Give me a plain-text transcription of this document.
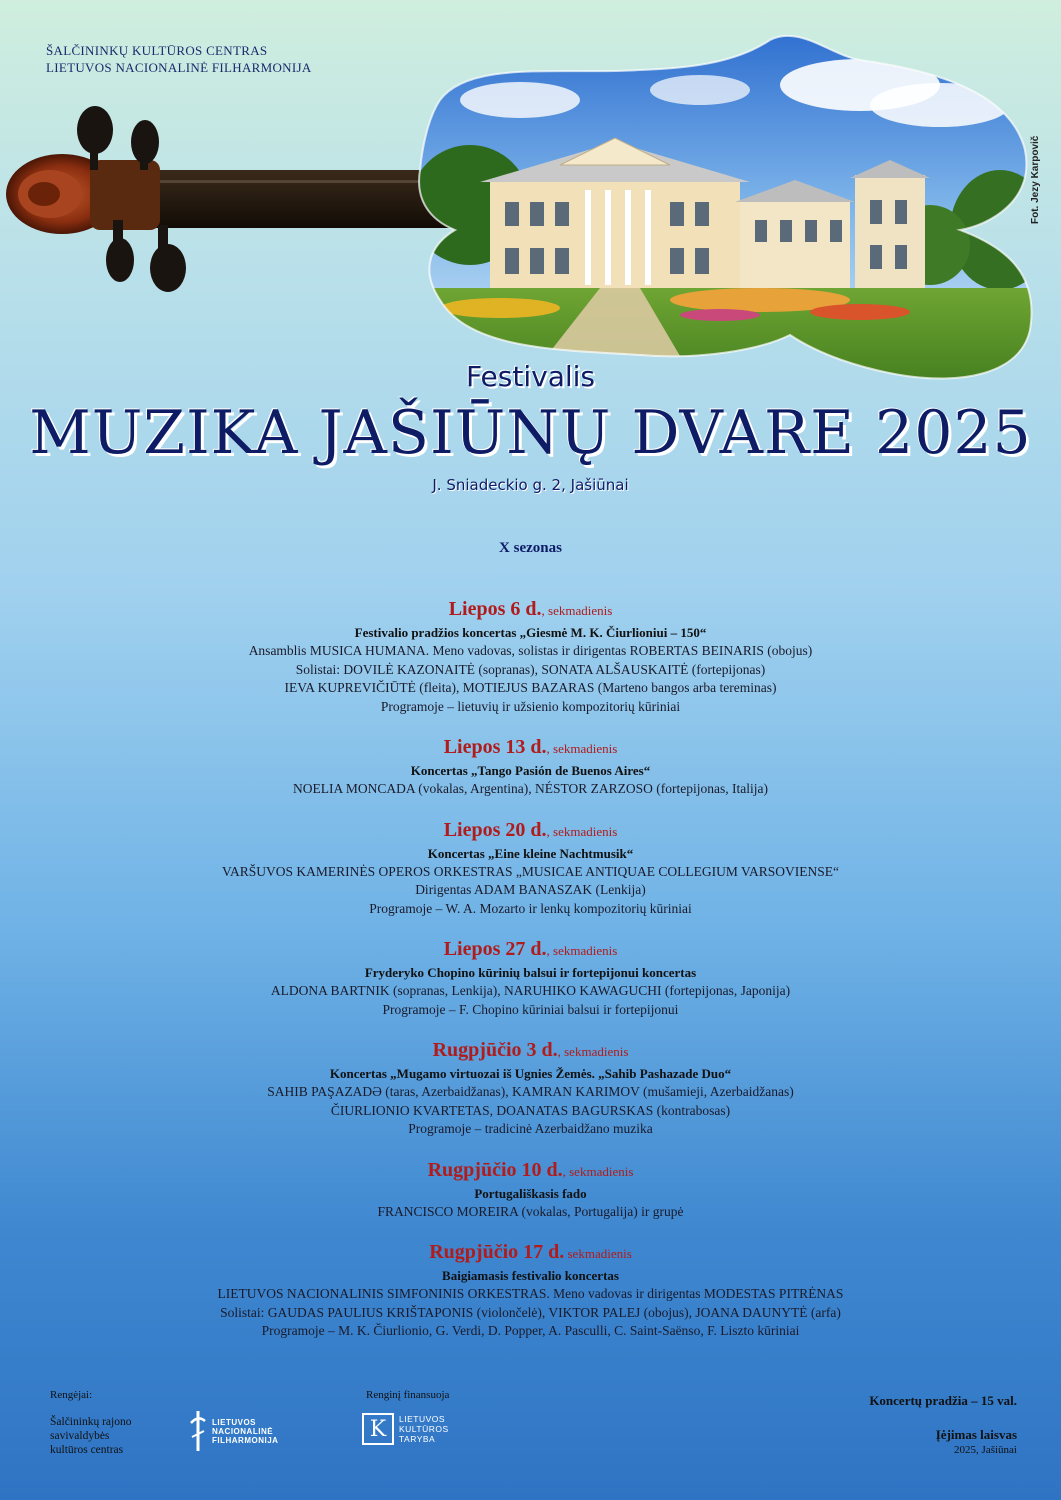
ŠALČININKŲ KULTŪROS CENTRAS
LIETUVOS NACIONALINĖ FILHARMONIJA
Fot. Jezy Karpovič
Festivalis
MUZIKA JAŠIŪNŲ DVARE 2025
J. Sniadeckio g. 2, Jašiūnai
X sezonas
Liepos 6 d., sekmadienis
Festivalio pradžios koncertas „Giesmė M. K. Čiurlioniui – 150“
Ansamblis MUSICA HUMANA. Meno vadovas, solistas ir dirigentas ROBERTAS BEINARIS (obojus)
Solistai: DOVILĖ KAZONAITĖ (sopranas), SONATA ALŠAUSKAITĖ (fortepijonas)
IEVA KUPREVIČIŪTĖ (fleita), MOTIEJUS BAZARAS (Marteno bangos arba tereminas)
Programoje – lietuvių ir užsienio kompozitorių kūriniai
Liepos 13 d., sekmadienis
Koncertas „Tango Pasión de Buenos Aires“
NOELIA MONCADA (vokalas, Argentina), NÉSTOR ZARZOSO (fortepijonas, Italija)
Liepos 20 d., sekmadienis
Koncertas „Eine kleine Nachtmusik“
VARŠUVOS KAMERINĖS OPEROS ORKESTRAS „MUSICAE ANTIQUAE COLLEGIUM VARSOVIENSE“
Dirigentas ADAM BANASZAK (Lenkija)
Programoje – W. A. Mozarto ir lenkų kompozitorių kūriniai
Liepos 27 d., sekmadienis
Fryderyko Chopino kūrinių balsui ir fortepijonui koncertas
ALDONA BARTNIK (sopranas, Lenkija), NARUHIKO KAWAGUCHI (fortepijonas, Japonija)
Programoje – F. Chopino kūriniai balsui ir fortepijonui
Rugpjūčio 3 d., sekmadienis
Koncertas „Mugamo virtuozai iš Ugnies Žemės. „Sahib Pashazade Duo“
SAHIB PAŞAZADƏ (taras, Azerbaidžanas), KAMRAN KARIMOV (mušamieji, Azerbaidžanas)
ČIURLIONIO KVARTETAS, DOANATAS BAGURSKAS (kontrabosas)
Programoje – tradicinė Azerbaidžano muzika
Rugpjūčio 10 d., sekmadienis
Portugališkasis fado
FRANCISCO MOREIRA (vokalas, Portugalija) ir grupė
Rugpjūčio 17 d. sekmadienis
Baigiamasis festivalio koncertas
LIETUVOS NACIONALINIS SIMFONINIS ORKESTRAS. Meno vadovas ir dirigentas MODESTAS PITRĖNAS
Solistai: GAUDAS PAULIUS KRIŠTAPONIS (violončelė), VIKTOR PALEJ (obojus), JOANA DAUNYTĖ (arfa)
Programoje – M. K. Čiurlionio, G. Verdi, D. Popper, A. Pasculli, C. Saint-Saënso, F. Liszto kūriniai
Rengėjai:
Šalčininkų rajono
savivaldybės
kultūros centras
LIETUVOS
NACIONALINĖ
FILHARMONIJA
Renginį finansuoja
K	LIETUVOS
KULTŪROS
TARYBA
Koncertų pradžia – 15 val.
Įėjimas laisvas
2025, Jašiūnai
